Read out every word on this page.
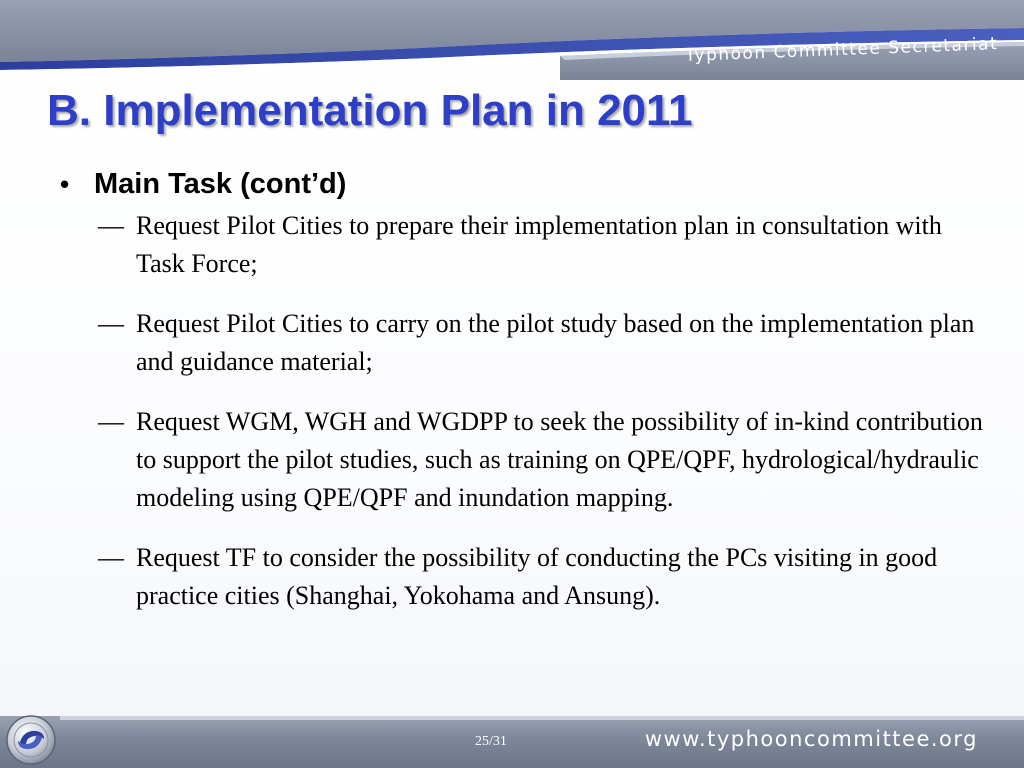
Typhoon Committee Secretariat
B. Implementation Plan in 2011
• Main Task (cont’d)
― Request Pilot Cities to prepare their implementation plan in consultation with Task Force;
― Request Pilot Cities to carry on the pilot study based on the implementation plan and guidance material;
― Request WGM, WGH and WGDPP to seek the possibility of in-kind contribution to support the pilot studies, such as training on QPE/QPF, hydrological/hydraulic modeling using QPE/QPF and inundation mapping.
― Request TF to consider the possibility of conducting the PCs visiting in good practice cities (Shanghai, Yokohama and Ansung).
25/31	www.typhooncommittee.org
